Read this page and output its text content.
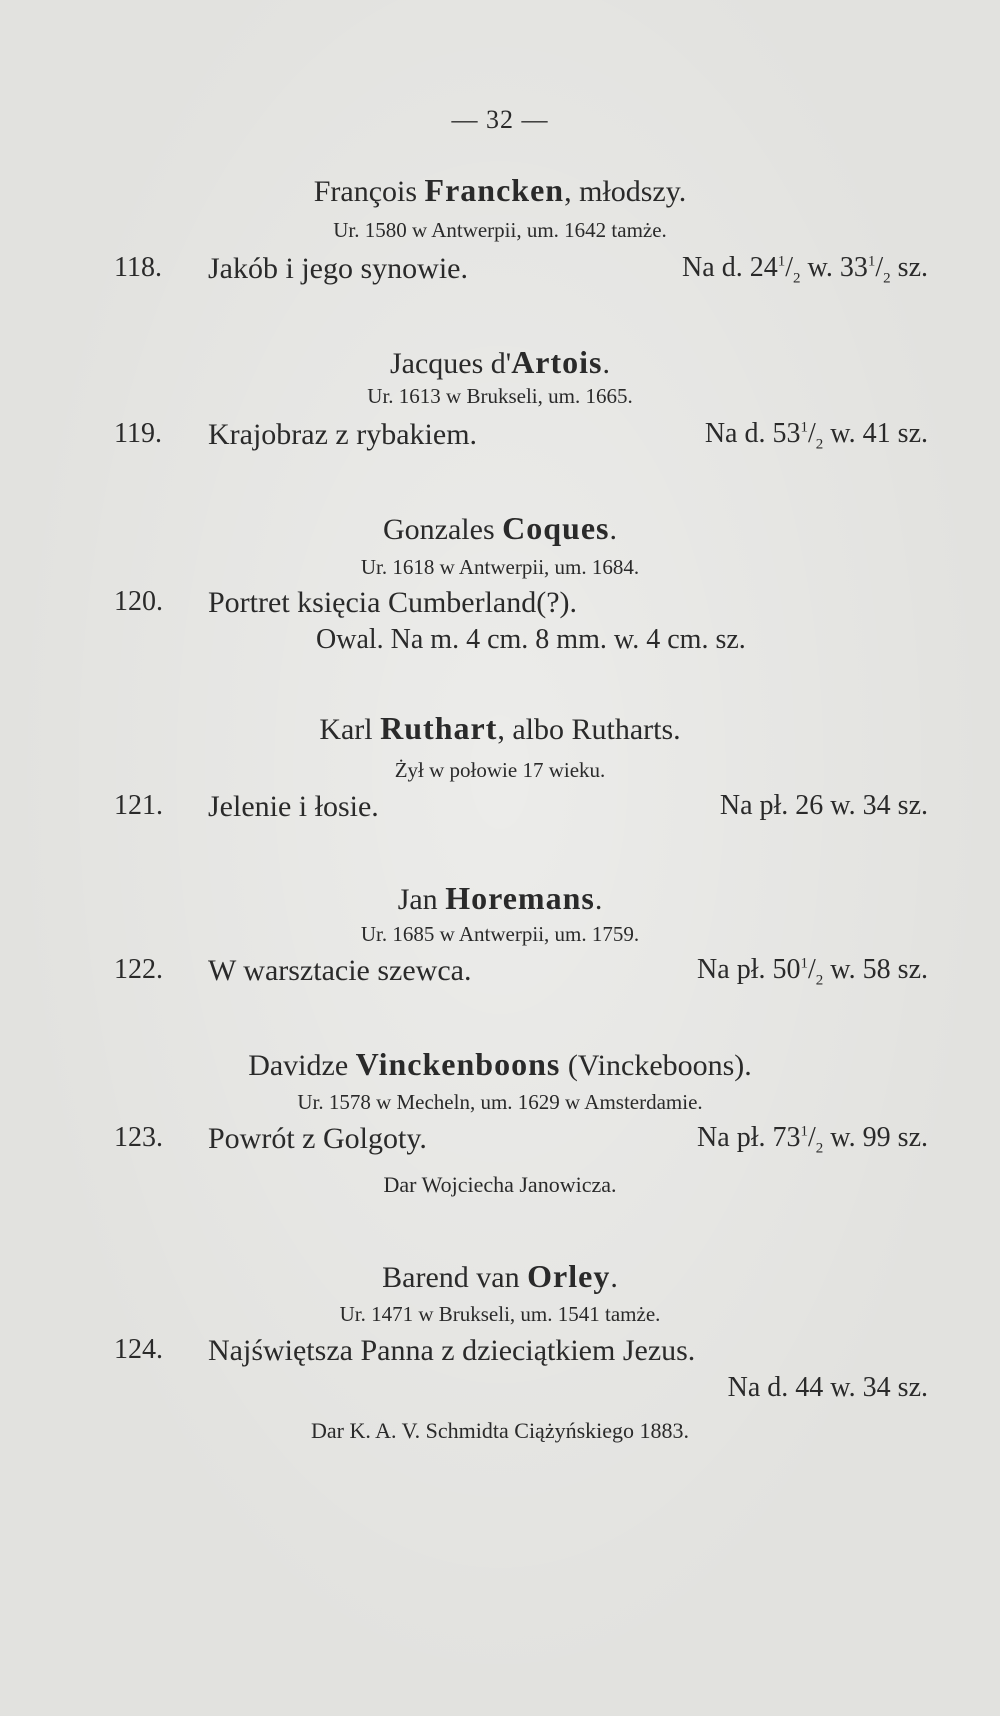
— 32 —
François Francken, młodszy.
Ur. 1580 w Antwerpii, um. 1642 tamże.
118. Jakób i jego synowie.	Na d. $24^1/_2$ w. $33^1/_2$ sz.
Jacques d'Artois.
Ur. 1613 w Brukseli, um. 1665.
119. Krajobraz z rybakiem.	Na d. $53^1/_2$ w. 41 sz.
Gonzales Coques.
Ur. 1618 w Antwerpii, um. 1684.
120. Portret księcia Cumberland(?).
Owal. Na m. 4 cm. 8 mm. w. 4 cm. sz.
Karl Ruthart, albo Rutharts.
Żył w połowie 17 wieku.
121. Jelenie i łosie.	Na pł. 26 w. 34 sz.
Jan Horemans.
Ur. 1685 w Antwerpii, um. 1759.
122. W warsztacie szewca.	Na pł. $50^1/_2$ w. 58 sz.
Davidze Vinckenboons (Vinckeboons).
Ur. 1578 w Mecheln, um. 1629 w Amsterdamie.
123. Powrót z Golgoty.	Na pł. $73^1/_2$ w. 99 sz.
Dar Wojciecha Janowicza.
Barend van Orley.
Ur. 1471 w Brukseli, um. 1541 tamże.
124. Najświętsza Panna z dzieciątkiem Jezus.
Na d. 44 w. 34 sz.
Dar K. A. V. Schmidta Ciążyńskiego 1883.
